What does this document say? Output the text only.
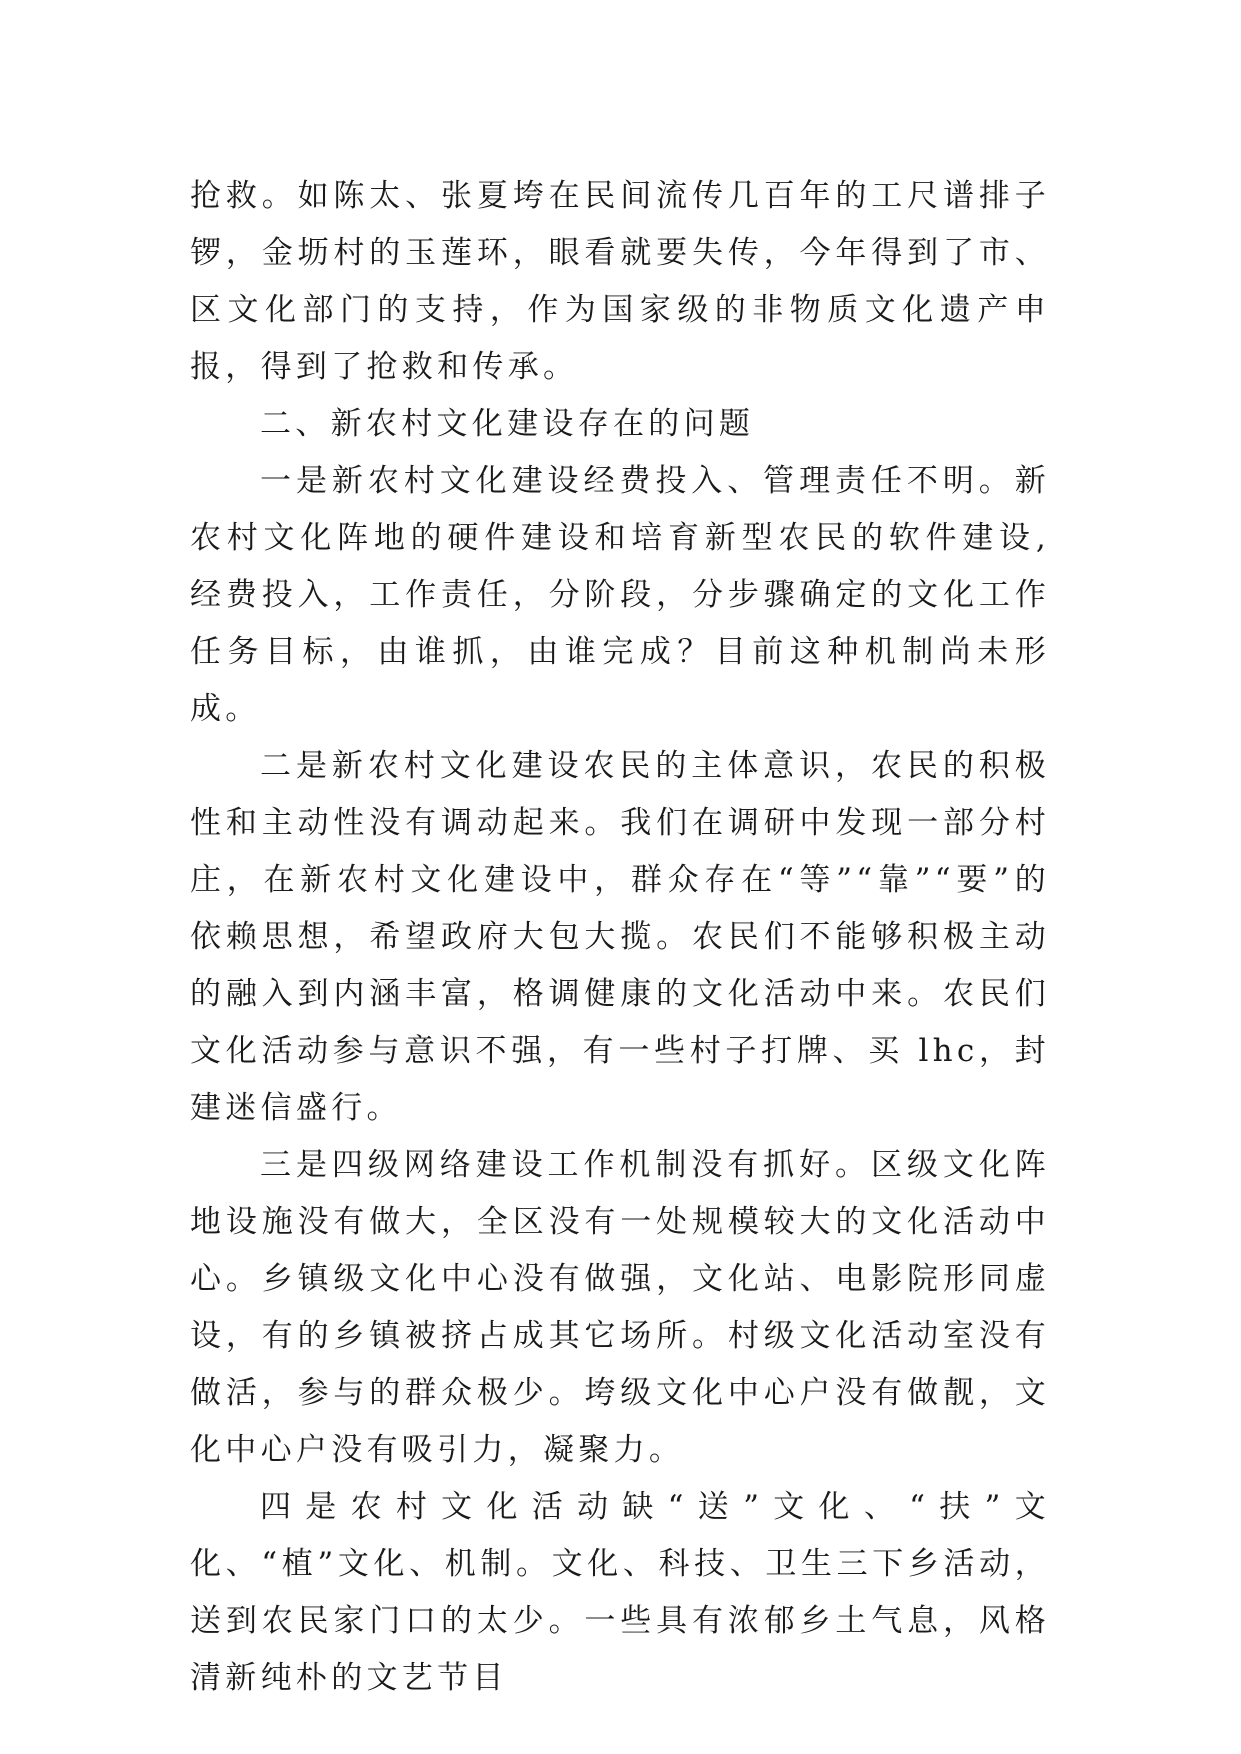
抢救。如陈太、张夏垮在民间流传几百年的工尺谱排子锣，金坜村的玉莲环，眼看就要失传，今年得到了市、区文化部门的支持，作为国家级的非物质文化遗产申报，得到了抢救和传承。

二、新农村文化建设存在的问题

一是新农村文化建设经费投入、管理责任不明。新农村文化阵地的硬件建设和培育新型农民的软件建设,经费投入，工作责任，分阶段，分步骤确定的文化工作任务目标，由谁抓，由谁完成？目前这种机制尚未形成。

二是新农村文化建设农民的主体意识，农民的积极性和主动性没有调动起来。我们在调研中发现一部分村庄，在新农村文化建设中，群众存在“等”“靠”“要”的依赖思想，希望政府大包大揽。农民们不能够积极主动的融入到内涵丰富，格调健康的文化活动中来。农民们文化活动参与意识不强，有一些村子打牌、买 lhc，封建迷信盛行。

三是四级网络建设工作机制没有抓好。区级文化阵地设施没有做大，全区没有一处规模较大的文化活动中心。乡镇级文化中心没有做强，文化站、电影院形同虚设，有的乡镇被挤占成其它场所。村级文化活动室没有做活，参与的群众极少。垮级文化中心户没有做靓，文化中心户没有吸引力，凝聚力。

四是农村文化活动缺“送”文化、“扶”文化、“植”文化、机制。文化、科技、卫生三下乡活动，送到农民家门口的太少。一些具有浓郁乡土气息，风格清新纯朴的文艺节目
